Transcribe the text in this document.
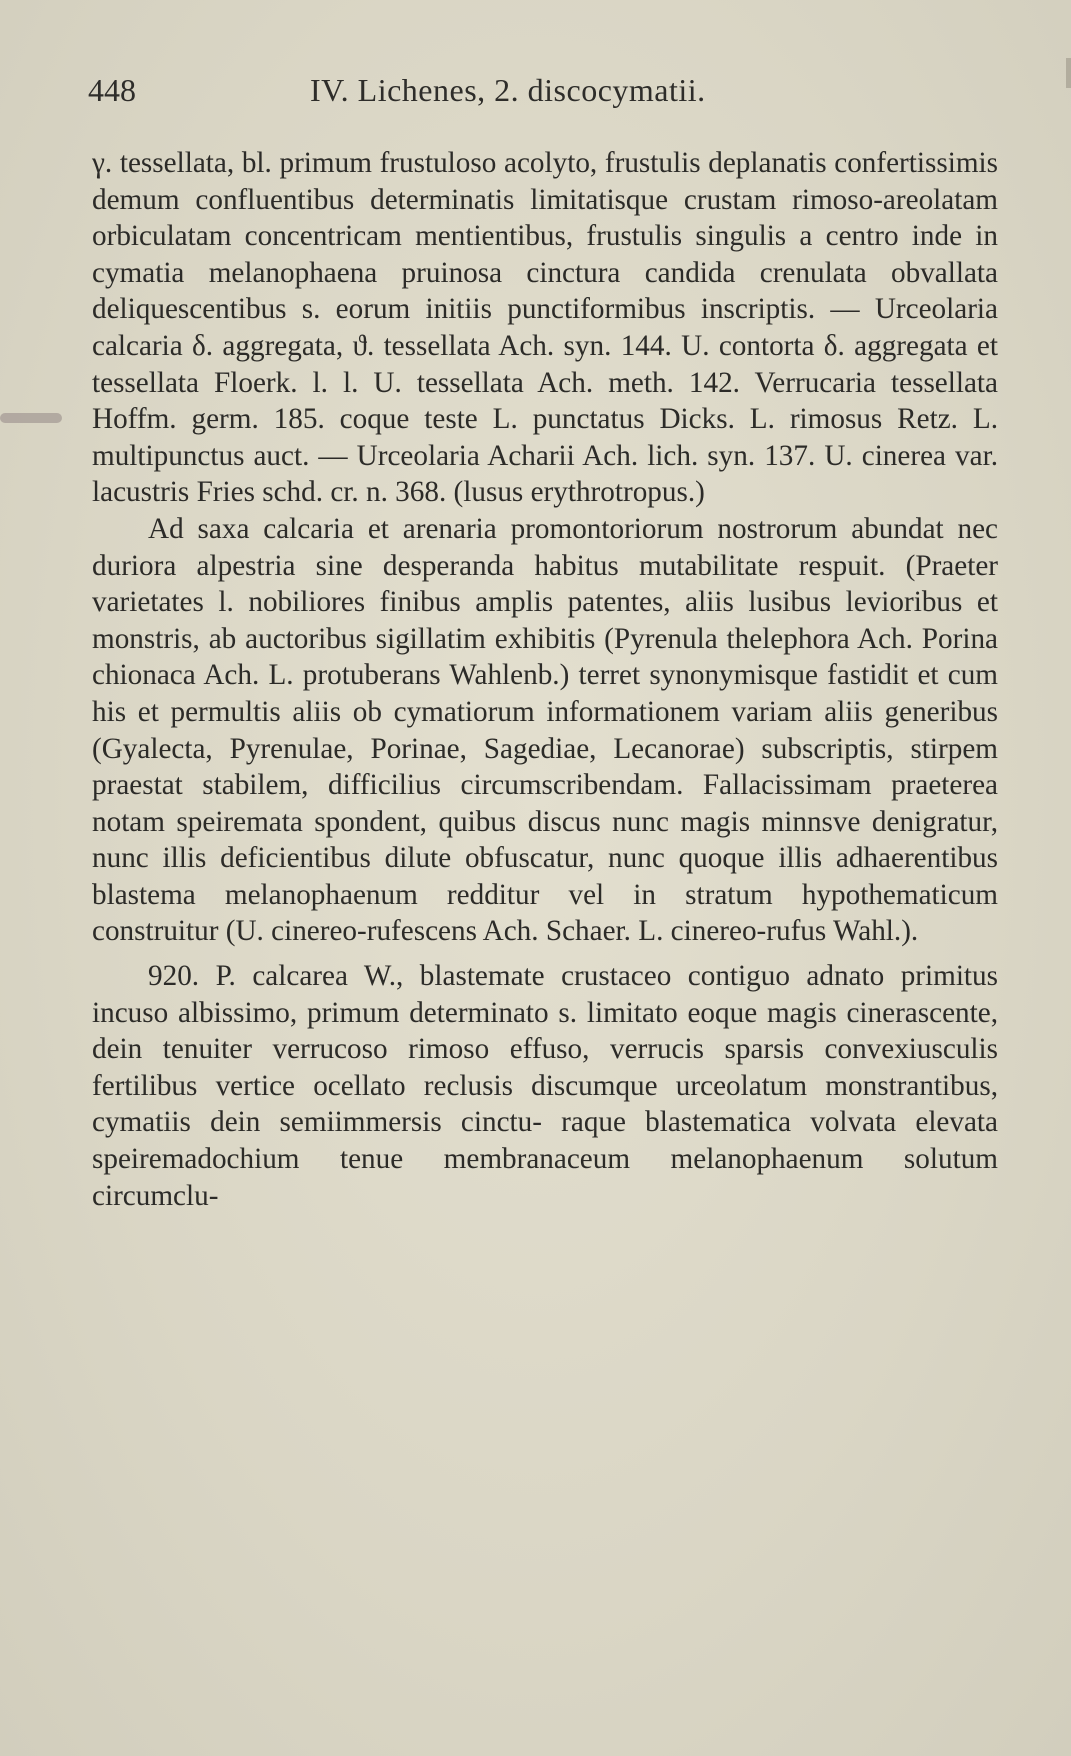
448	IV. Lichenes, 2. discocymatii.

γ. tessellata, bl. primum frustuloso acolyto, frustulis deplanatis confertissimis demum confluentibus determinatis limitatisque crustam rimoso-areolatam orbiculatam concentricam mentientibus, frustulis singulis a centro inde in cymatia melanophaena pruinosa cinctura candida crenulata obvallata deliquescentibus s. eorum initiis punctiformibus inscriptis. — Urceolaria calcaria δ. aggregata, ϑ. tessellata Ach. syn. 144. U. contorta δ. aggregata et tessellata Floerk. l. l. U. tessellata Ach. meth. 142. Verrucaria tessellata Hoffm. germ. 185. coque teste L. punctatus Dicks. L. rimosus Retz. L. multipunctus auct. — Urceolaria Acharii Ach. lich. syn. 137. U. cinerea var. lacustris Fries schd. cr. n. 368. (lusus erythrotropus.)

Ad saxa calcaria et arenaria promontoriorum nostrorum abundat nec duriora alpestria sine desperanda habitus mutabilitate respuit. (Praeter varietates l. nobiliores finibus amplis patentes, aliis lusibus levioribus et monstris, ab auctoribus sigillatim exhibitis (Pyrenula thelephora Ach. Porina chionaca Ach. L. protuberans Wahlenb.) terret synonymisque fastidit et cum his et permultis aliis ob cymatiorum informationem variam aliis generibus (Gyalecta, Pyrenulae, Porinae, Sagediae, Lecanorae) subscriptis, stirpem praestat stabilem, difficilius circumscribendam. Fallacissimam praeterea notam speiremata spondent, quibus discus nunc magis minnsve denigratur, nunc illis deficientibus dilute obfuscatur, nunc quoque illis adhaerentibus blastema melanophaenum redditur vel in stratum hypothematicum construitur (U. cinereo-rufescens Ach. Schaer. L. cinereo-rufus Wahl.).

920. P. calcarea W., blastemate crustaceo contiguo adnato primitus incuso albissimo, primum determinato s. limitato eoque magis cinerascente, dein tenuiter verrucoso rimoso effuso, verrucis sparsis convexiusculis fertilibus vertice ocellato reclusis discumque urceolatum monstrantibus, cymatiis dein semiimmersis cinctu- raque blastematica volvata elevata speiremadochium tenue membranaceum melanophaenum solutum circumclu-
